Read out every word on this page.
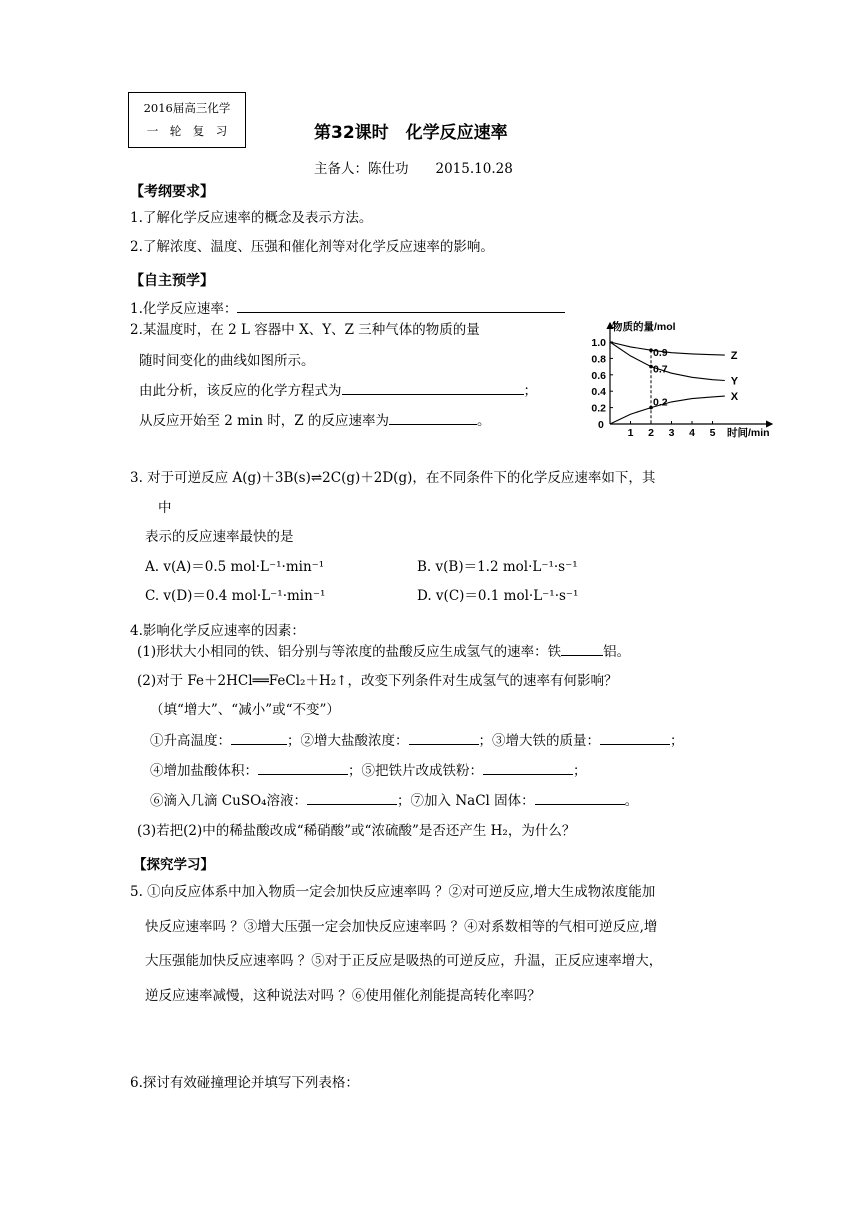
2016届高三化学
一　轮　复　习	第32课时　化学反应速率
主备人：陈仕功　　2015.10.28
【考纲要求】
1.了解化学反应速率的概念及表示方法。
2.了解浓度、温度、压强和催化剂等对化学反应速率的影响。
【自主预学】
1.化学反应速率：
2.某温度时，在 2 L 容器中 X、Y、Z 三种气体的物质的量
随时间变化的曲线如图所示。
由此分析，该反应的化学方程式为	；
从反应开始至 2 min 时，Z 的反应速率为	。
物质的量/mol
时间/min
0
1.0
0.8
0.6
0.4
0.2
1 2 3 4 5
Z
Y
X
0.9
0.7
0.2
3. 对于可逆反应 A(g)＋3B(s)⇌2C(g)＋2D(g)，在不同条件下的化学反应速率如下，其
中
表示的反应速率最快的是
A. v(A)＝0.5 mol·L⁻¹·min⁻¹	B. v(B)＝1.2 mol·L⁻¹·s⁻¹
C. v(D)＝0.4 mol·L⁻¹·min⁻¹	D. v(C)＝0.1 mol·L⁻¹·s⁻¹
4.影响化学反应速率的因素：
(1)形状大小相同的铁、铝分别与等浓度的盐酸反应生成氢气的速率：铁	铝。
(2)对于 Fe＋2HCl══FeCl₂＋H₂↑，改变下列条件对生成氢气的速率有何影响？
（填“增大”、“减小”或“不变”）
①升高温度：	；②增大盐酸浓度：	；③增大铁的质量：	；
④增加盐酸体积：	；⑤把铁片改成铁粉：	；
⑥滴入几滴 CuSO₄溶液：	；⑦加入 NaCl 固体：	。
(3)若把(2)中的稀盐酸改成“稀硝酸”或“浓硫酸”是否还产生 H₂，为什么？
【探究学习】
5. ①向反应体系中加入物质一定会加快反应速率吗 ？②对可逆反应,增大生成物浓度能加
快反应速率吗 ？③增大压强一定会加快反应速率吗 ？④对系数相等的气相可逆反应,增
大压强能加快反应速率吗 ？⑤对于正反应是吸热的可逆反应，升温，正反应速率增大，
逆反应速率减慢，这种说法对吗 ？⑥使用催化剂能提高转化率吗？
6.探讨有效碰撞理论并填写下列表格：
